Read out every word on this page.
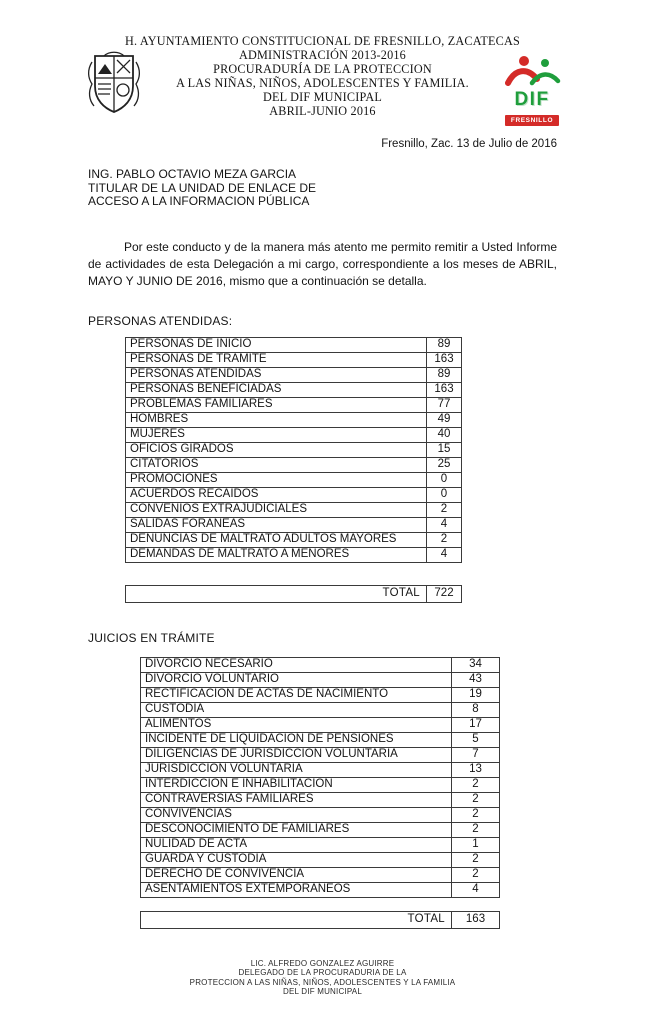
DIF
FRESNILLO
H. AYUNTAMIENTO CONSTITUCIONAL DE FRESNILLO, ZACATECAS
ADMINISTRACIÓN 2013-2016
PROCURADURÍA DE LA PROTECCION
A LAS NIÑAS, NIÑOS, ADOLESCENTES Y FAMILIA.
DEL DIF MUNICIPAL
ABRIL-JUNIO 2016
Fresnillo, Zac. 13 de Julio de 2016
ING. PABLO OCTAVIO MEZA GARCIA
TITULAR DE LA UNIDAD DE ENLACE DE
ACCESO A LA INFORMACION PÚBLICA

Por este conducto y de la manera más atento me permito remitir a Usted Informe de actividades de esta Delegación a mi cargo, correspondiente a los meses de ABRIL, MAYO Y JUNIO DE 2016, mismo que a continuación se detalla.

PERSONAS ATENDIDAS:
PERSONAS DE INICIO	89
PERSONAS DE TRAMITE	163
PERSONAS ATENDIDAS	89
PERSONAS BENEFICIADAS	163
PROBLEMAS FAMILIARES	77
HOMBRES	49
MUJERES	40
OFICIOS GIRADOS	15
CITATORIOS	25
PROMOCIONES	0
ACUERDOS RECAIDOS	0
CONVENIOS EXTRAJUDICIALES	2
SALIDAS FORANEAS	4
DENUNCIAS DE MALTRATO ADULTOS MAYORES	2
DEMANDAS DE MALTRATO A MENORES	4
TOTAL	722
JUICIOS EN TRÁMITE
DIVORCIO NECESARIO	34
DIVORCIO VOLUNTARIO	43
RECTIFICACION DE ACTAS DE NACIMIENTO	19
CUSTODIA	8
ALIMENTOS	17
INCIDENTE DE LIQUIDACION DE PENSIONES	5
DILIGENCIAS DE JURISDICCION VOLUNTARIA	7
JURISDICCION VOLUNTARIA	13
INTERDICCION E INHABILITACION	2
CONTRAVERSIAS FAMILIARES	2
CONVIVENCIAS	2
DESCONOCIMIENTO DE FAMILIARES	2
NULIDAD DE ACTA	1
GUARDA Y CUSTODIA	2
DERECHO DE CONVIVENCIA	2
ASENTAMIENTOS EXTEMPORANEOS	4
TOTAL	163
LIC. ALFREDO GONZALEZ AGUIRRE
DELEGADO DE LA PROCURADURIA DE LA
PROTECCION A LAS NIÑAS, NIÑOS, ADOLESCENTES Y LA FAMILIA
DEL DIF MUNICIPAL
